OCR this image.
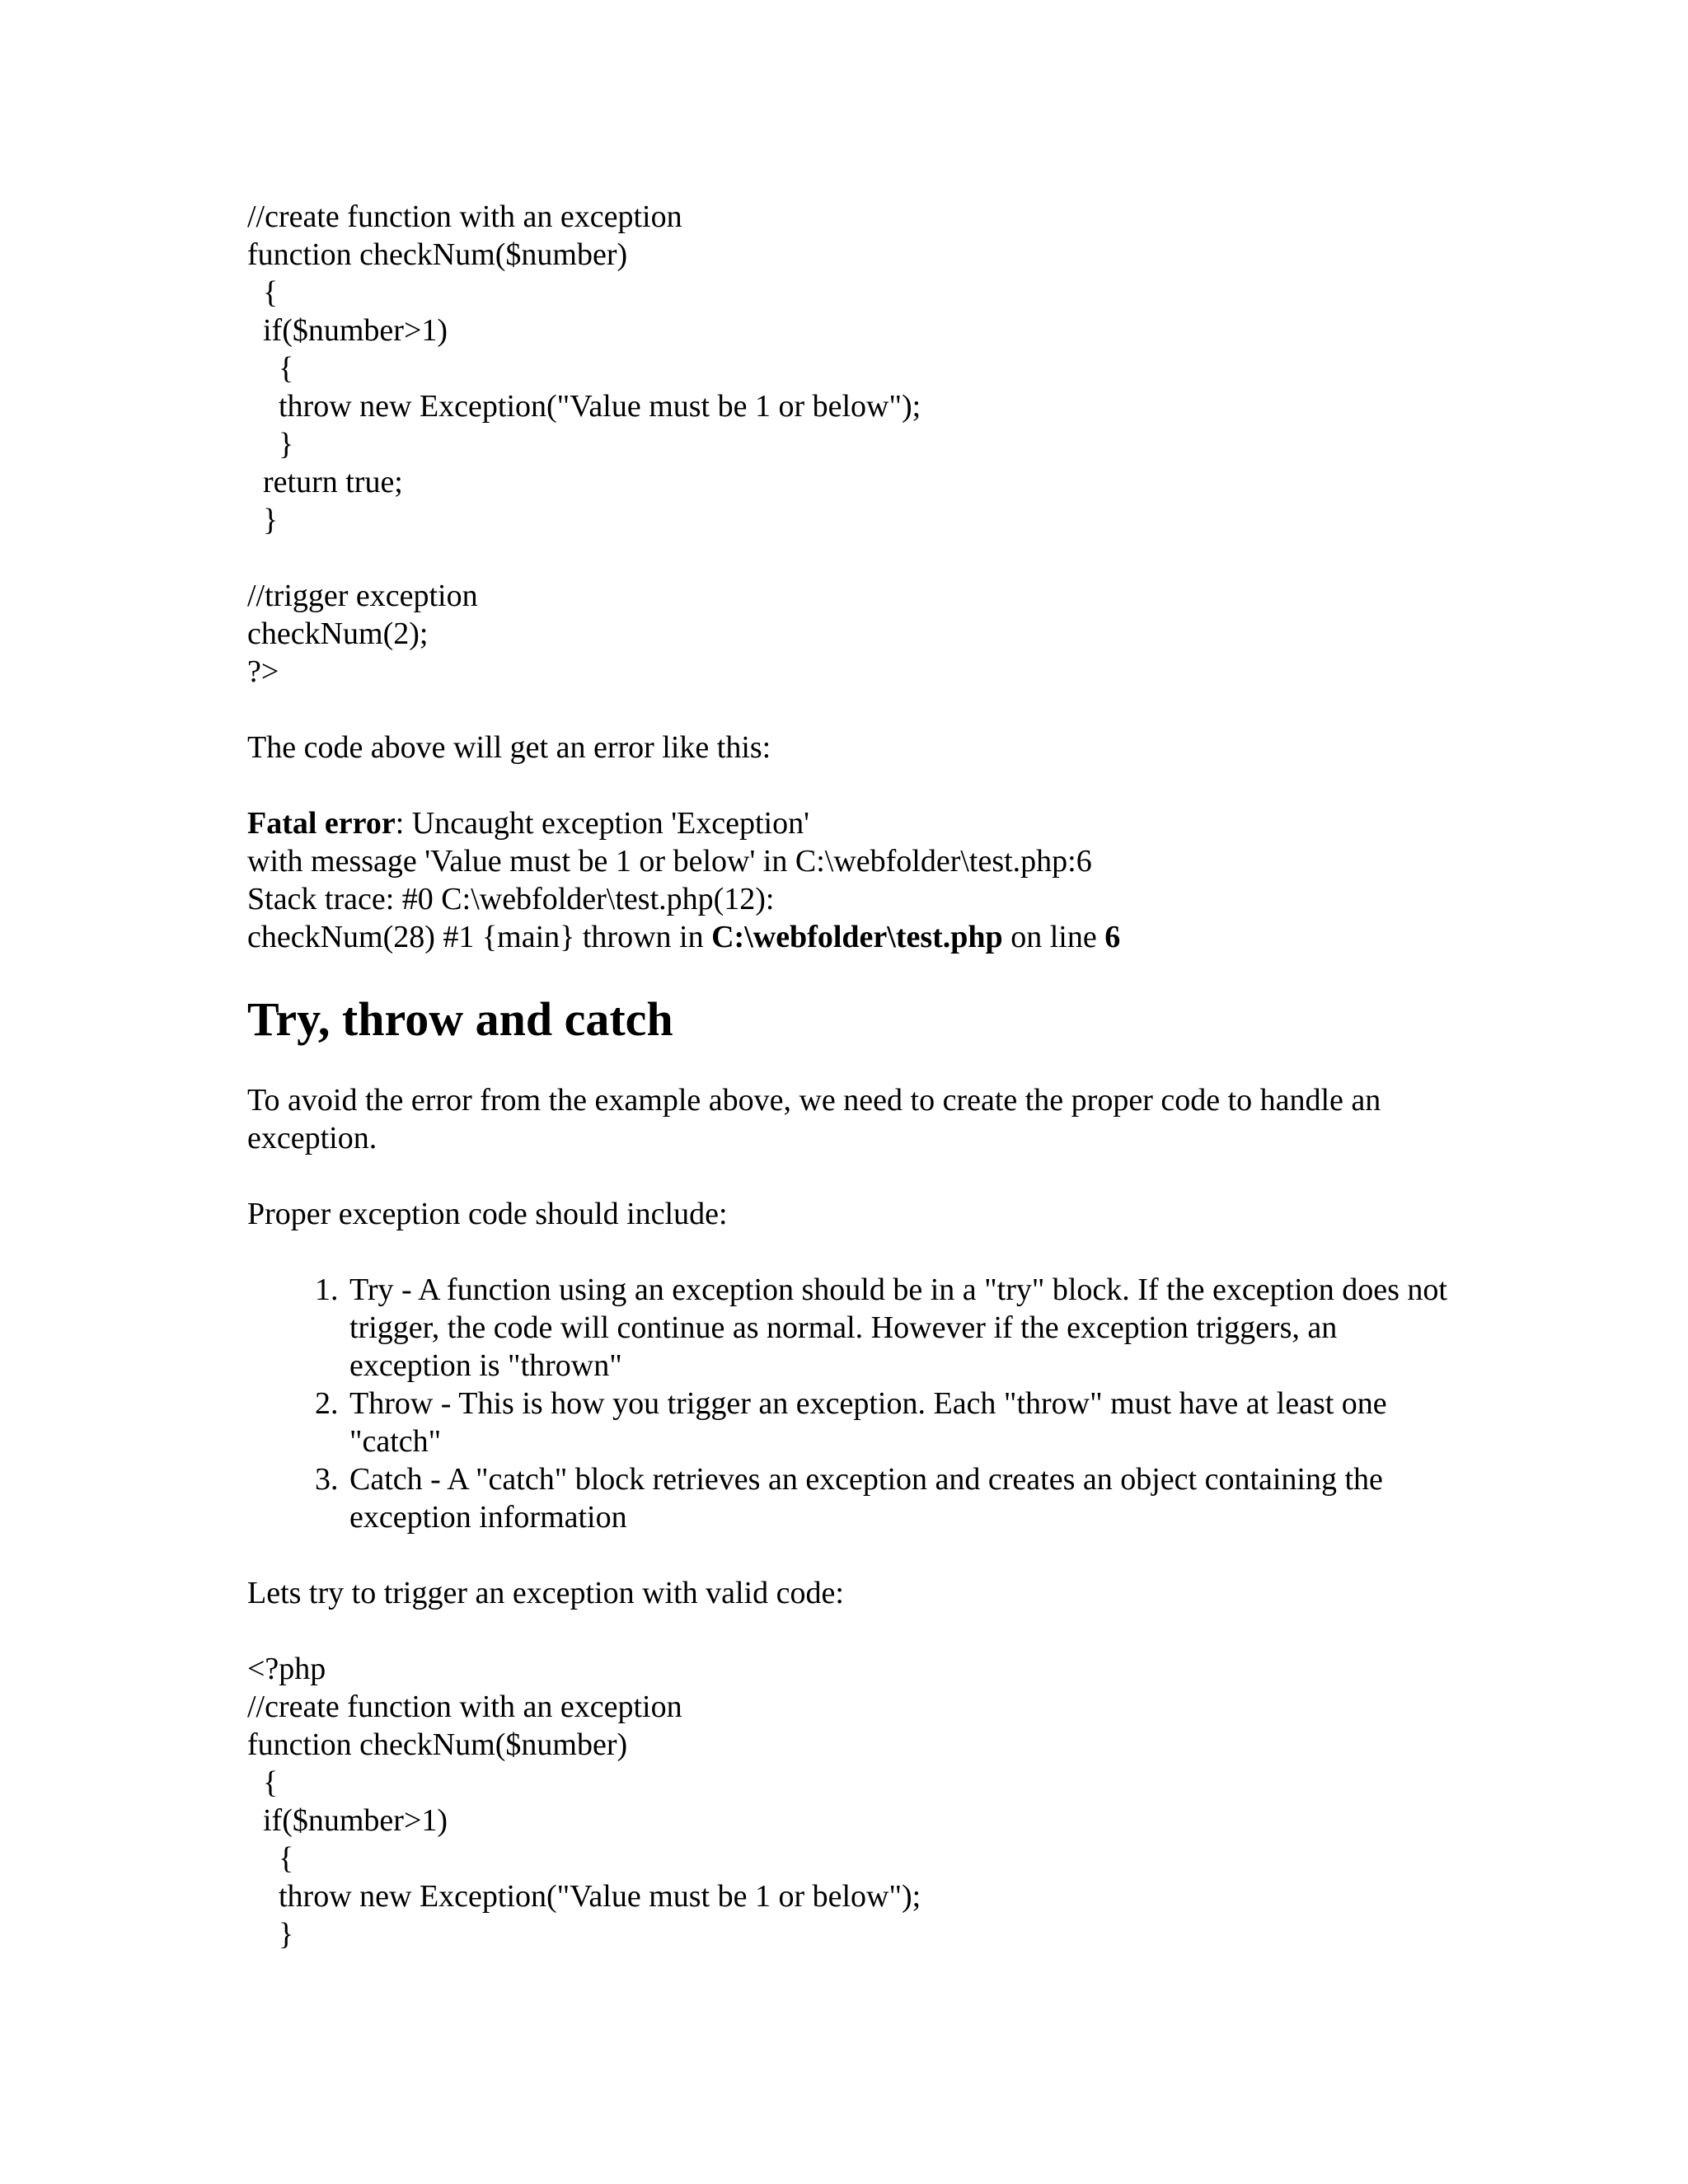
//create function with an exception
function checkNum($number)
{
if($number>1)
{
throw new Exception("Value must be 1 or below");
}
return true;
}
//trigger exception
checkNum(2);
?>

The code above will get an error like this:

Fatal error: Uncaught exception 'Exception'
with message 'Value must be 1 or below' in C:\webfolder\test.php:6
Stack trace: #0 C:\webfolder\test.php(12):
checkNum(28) #1 {main} thrown in C:\webfolder\test.php on line 6
Try, throw and catch

To avoid the error from the example above, we need to create the proper code to handle an exception.

Proper exception code should include:

1. Try - A function using an exception should be in a "try" block. If the exception does not trigger, the code will continue as normal. However if the exception triggers, an exception is "thrown"
2. Throw - This is how you trigger an exception. Each "throw" must have at least one "catch"
3. Catch - A "catch" block retrieves an exception and creates an object containing the exception information

Lets try to trigger an exception with valid code:

<?php
//create function with an exception
function checkNum($number)
{
if($number>1)
{
throw new Exception("Value must be 1 or below");
}
